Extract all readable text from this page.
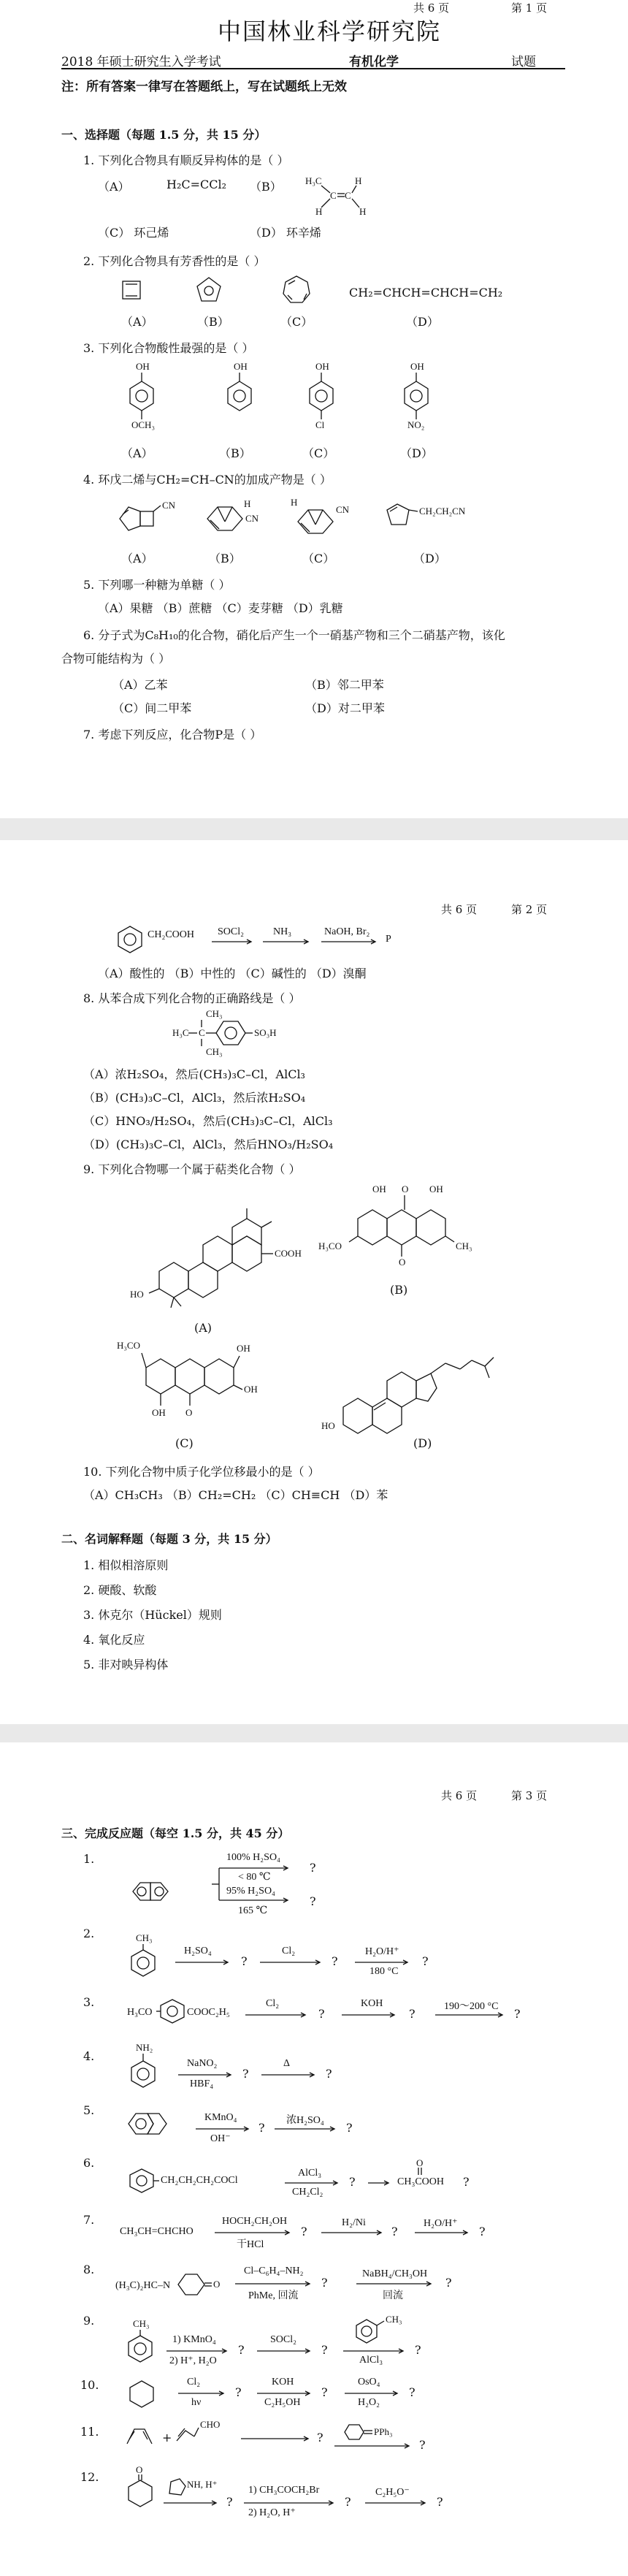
共 6 页	第 1 页
中国林业科学研究院
2018 年硕士研究生入学考试	有机化学	试题
注：所有答案一律写在答题纸上，写在试题纸上无效
一、选择题（每题 1.5 分，共 15 分）
1. 下列化合物具有顺反异构体的是（ ）
（A）	H₂C=CCl₂ （B） H₃C	H
C C
H	H
（C） 环己烯	（D） 环辛烯
2. 下列化合物具有芳香性的是（ ）
CH₂=CHCH=CHCH=CH₂
（A）	（B）	（C）	（D）
3. 下列化合物酸性最强的是（ ）
OH
OCH₃
OH	OH
Cl
OH
NO₂
（A）	（B）	（C）	（D）
4. 环戊二烯与CH₂=CH–CN的加成产物是（ ）
CN	H
CN
H
CN	CH₂CH₂CN
（A）	（B）	（C）	（D）
5. 下列哪一种糖为单糖（ ）
（A）果糖 （B）蔗糖 （C）麦芽糖 （D）乳糖
6. 分子式为C₈H₁₀的化合物，硝化后产生一个一硝基产物和三个二硝基产物，该化
合物可能结构为（ ）
（A）乙苯	（B）邻二甲苯
（C）间二甲苯	（D）对二甲苯
7. 考虑下列反应，化合物P是（ ）
共 6 页	第 2 页
CH₂COOH SOCl₂	NH₃	NaOH, Br₂
P
（A）酸性的 （B）中性的 （C）碱性的 （D）溴酮
8. 从苯合成下列化合物的正确路线是（ ）
CH₃
H₃C C
CH₃
SO₃H
（A）浓H₂SO₄，然后(CH₃)₃C–Cl，AlCl₃
（B）(CH₃)₃C–Cl，AlCl₃，然后浓H₂SO₄
（C）HNO₃/H₂SO₄，然后(CH₃)₃C–Cl，AlCl₃
（D）(CH₃)₃C–Cl，AlCl₃，然后HNO₃/H₂SO₄
9. 下列化合物哪一个属于萜类化合物（ ）
COOH
HO
(A)
OH O OH
O
H₃CO	CH₃
(B)
H₃CO	OH
OH
OH O
(C)
HO
(D)
10. 下列化合物中质子化学位移最小的是（ ）
（A）CH₃CH₃ （B）CH₂=CH₂ （C）CH≡CH （D）苯
二、名词解释题（每题 3 分，共 15 分）
1. 相似相溶原则
2. 硬酸、软酸
3. 休克尔（Hückel）规则
4. 氧化反应
5. 非对映异构体
共 6 页	第 3 页
三、完成反应题（每空 1.5 分，共 45 分）
1.	100% H₂SO₄
< 80 ℃
?
95% H₂SO₄
165 ℃
?
2.	CH₃
H₂SO₄
?
Cl₂
?
H₂O/H⁺
180 °C
?
3.
H₃CO	COOC₂H₅
Cl₂
?
KOH
?
190～200 °C
?
4.
NH₂
NaNO₂
HBF₄
?
Δ
?
5.
KMnO₄
OH⁻
?
浓H₂SO₄
?
6.
CH₂CH₂CH₂COCl
AlCl₃
CH₂Cl₂
?
O
CH₃COOH ?
7.
CH₃CH=CHCHO
HOCH₂CH₂OH
干HCl
?
H₂/Ni
?
H₂O/H⁺
?
8.
(H₃C)₂HC–N	O
Cl–C₆H₄–NH₂
PhMe, 回流
?
NaBH₄/CH₃OH
回流
?
9.	CH₃
1) KMnO₄
2) H⁺, H₂O
?
SOCl₂
?
CH₃
AlCl₃
?
10.	Cl₂
hν
?
KOH
C₂H₅OH
?
OsO₄
H₂O₂
?
11.	+
CHO
?	PPh₃
?
12.
O
NH, H⁺
?
1) CH₃COCH₂Br
2) H₂O, H⁺
?
C₂H₅O⁻
?
